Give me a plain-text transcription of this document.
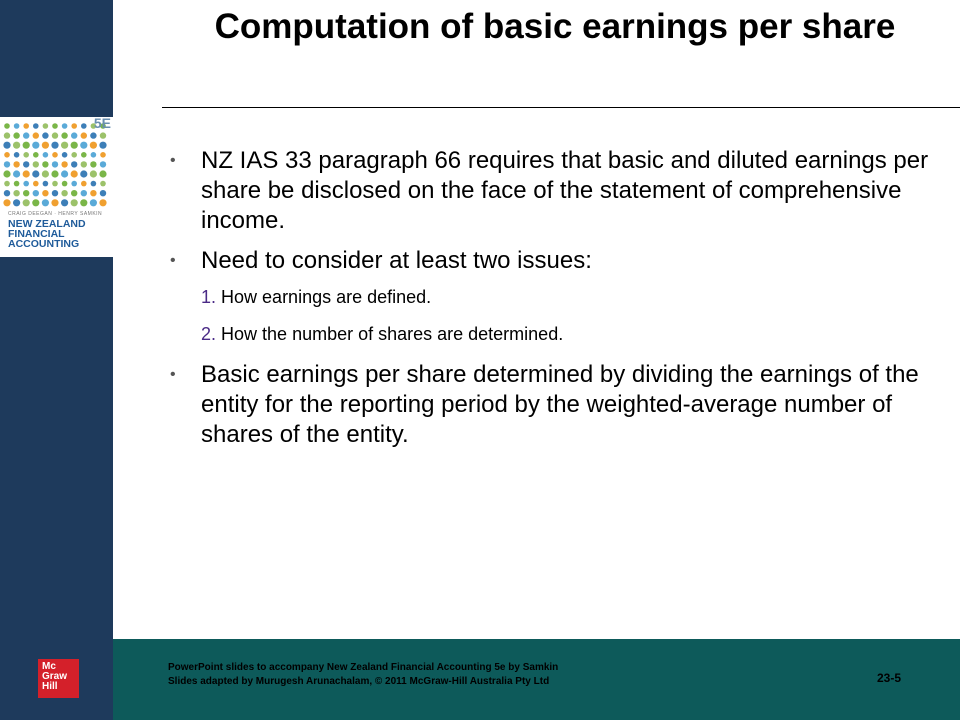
5E
CRAIG DEEGAN · HENRY SAMKIN
NEW ZEALAND
FINANCIAL
ACCOUNTING
Computation of basic earnings per share
• NZ IAS 33 paragraph 66 requires that basic and diluted earnings per share be disclosed on the face of the statement of comprehensive income.
• Need to consider at least two issues:
1. How earnings are defined.
2. How the number of shares are determined.
• Basic earnings per share determined by dividing the earnings of the entity for the reporting period by the weighted-average number of shares of the entity.
Mc Graw Hill
PowerPoint slides to accompany New Zealand Financial Accounting 5e by Samkin
Slides adapted by Murugesh Arunachalam, © 2011 McGraw-Hill Australia Pty Ltd	23-5
